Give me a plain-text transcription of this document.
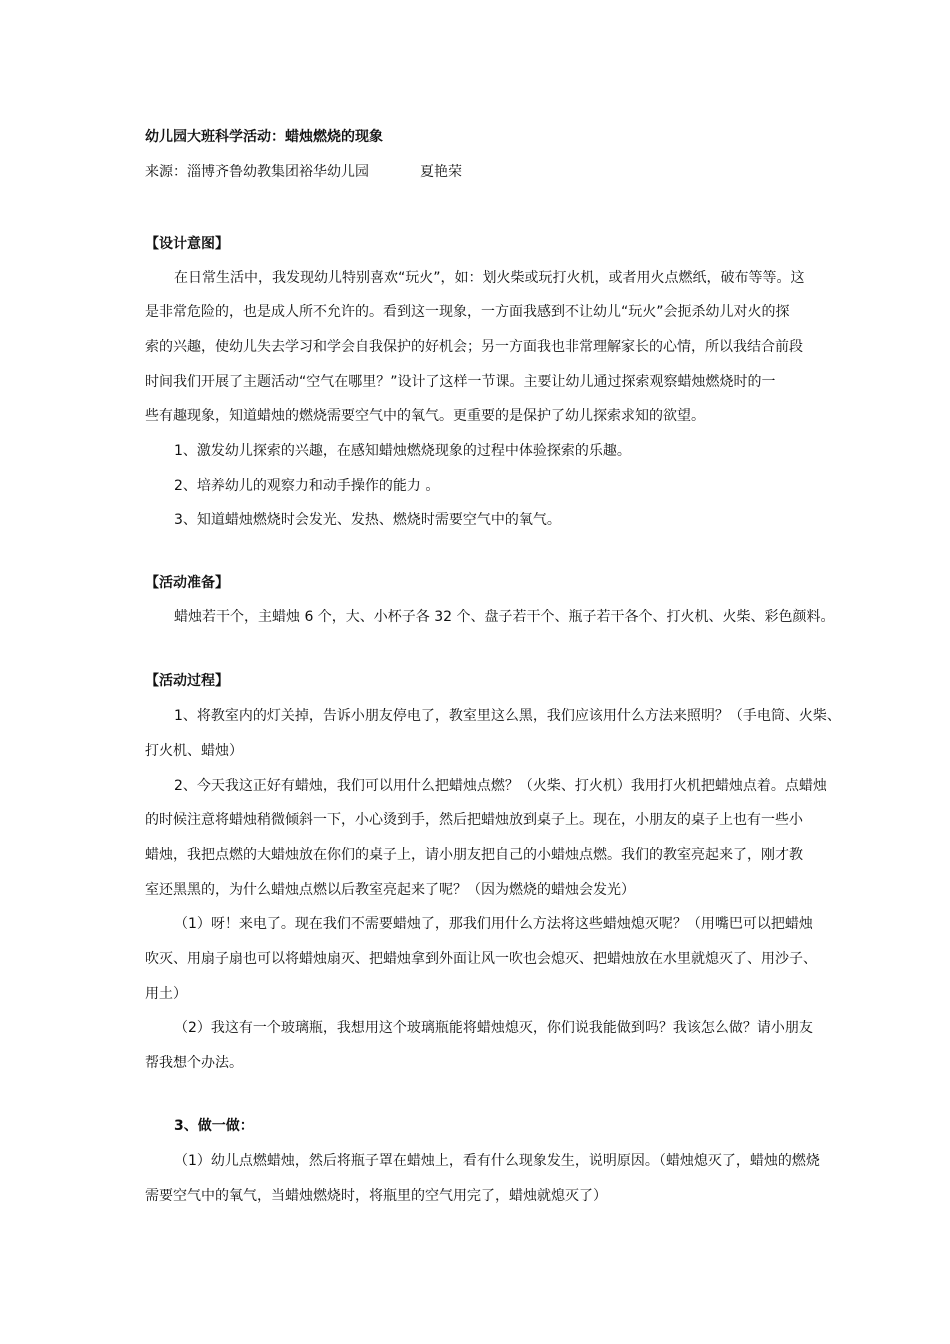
幼儿园大班科学活动：蜡烛燃烧的现象
来源：淄博齐鲁幼教集团裕华幼儿园	夏艳荣
【设计意图】
在日常生活中，我发现幼儿特别喜欢“玩火”，如：划火柴或玩打火机，或者用火点燃纸，破布等等。这
是非常危险的，也是成人所不允许的。看到这一现象，一方面我感到不让幼儿“玩火”会扼杀幼儿对火的探
索的兴趣，使幼儿失去学习和学会自我保护的好机会；另一方面我也非常理解家长的心情，所以我结合前段
时间我们开展了主题活动“空气在哪里？”设计了这样一节课。主要让幼儿通过探索观察蜡烛燃烧时的一
些有趣现象，知道蜡烛的燃烧需要空气中的氧气。更重要的是保护了幼儿探索求知的欲望。
1、激发幼儿探索的兴趣，在感知蜡烛燃烧现象的过程中体验探索的乐趣。
2、培养幼儿的观察力和动手操作的能力 。
3、知道蜡烛燃烧时会发光、发热、燃烧时需要空气中的氧气。
【活动准备】
蜡烛若干个，主蜡烛 6 个，大、小杯子各 32 个、盘子若干个、瓶子若干各个、打火机、火柴、彩色颜料。
【活动过程】
1、将教室内的灯关掉，告诉小朋友停电了，教室里这么黑，我们应该用什么方法来照明？（手电筒、火柴、
打火机、蜡烛）
2、今天我这正好有蜡烛，我们可以用什么把蜡烛点燃？（火柴、打火机）我用打火机把蜡烛点着。点蜡烛
的时候注意将蜡烛稍微倾斜一下，小心烫到手，然后把蜡烛放到桌子上。现在，小朋友的桌子上也有一些小
蜡烛，我把点燃的大蜡烛放在你们的桌子上，请小朋友把自己的小蜡烛点燃。我们的教室亮起来了，刚才教
室还黑黑的，为什么蜡烛点燃以后教室亮起来了呢？（因为燃烧的蜡烛会发光）
（1）呀！来电了。现在我们不需要蜡烛了，那我们用什么方法将这些蜡烛熄灭呢？（用嘴巴可以把蜡烛
吹灭、用扇子扇也可以将蜡烛扇灭、把蜡烛拿到外面让风一吹也会熄灭、把蜡烛放在水里就熄灭了、用沙子、
用土）
（2）我这有一个玻璃瓶，我想用这个玻璃瓶能将蜡烛熄灭，你们说我能做到吗？我该怎么做？请小朋友
帮我想个办法。
3、做一做：
（1）幼儿点燃蜡烛，然后将瓶子罩在蜡烛上，看有什么现象发生，说明原因。（蜡烛熄灭了，蜡烛的燃烧
需要空气中的氧气，当蜡烛燃烧时，将瓶里的空气用完了，蜡烛就熄灭了）
